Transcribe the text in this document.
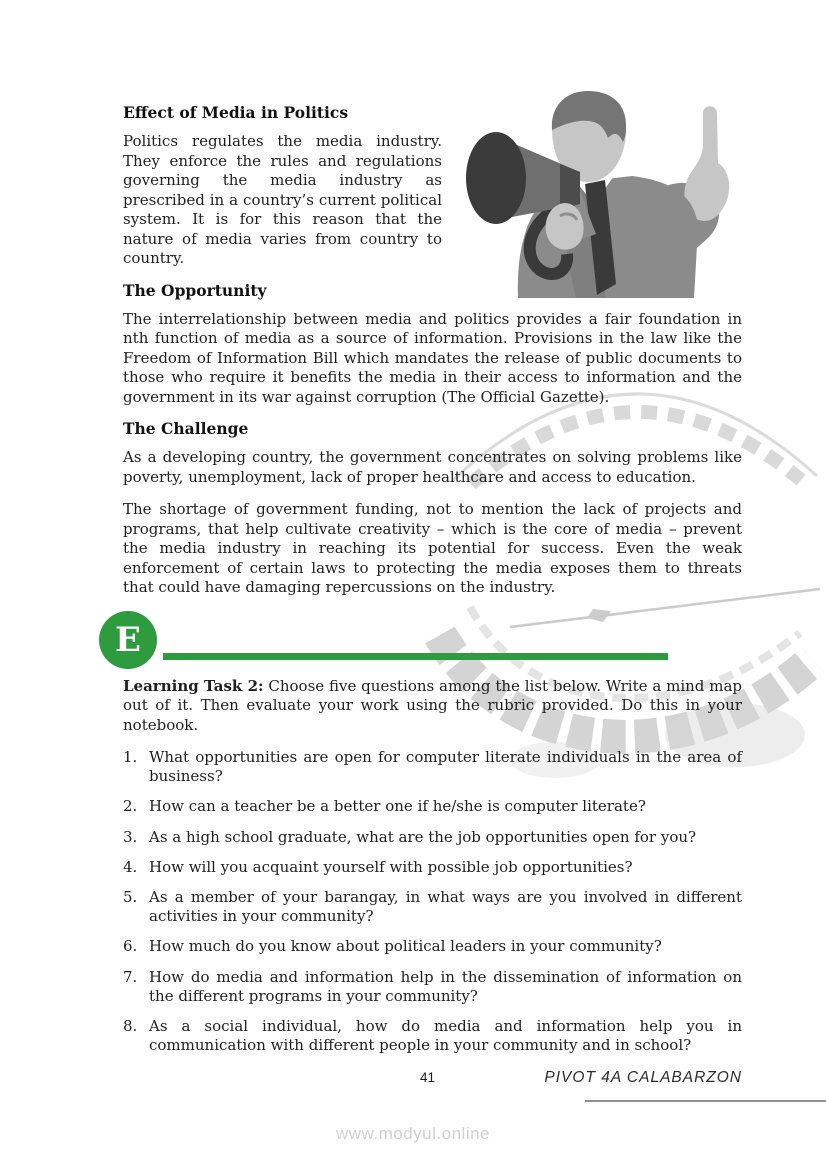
Effect of Media in Politics

Politics regulates the media industry. They enforce the rules and regulations governing the media industry as prescribed in a country’s current political system. It is for this reason that the nature of media varies from country to country.

The Opportunity

The interrelationship between media and politics provides a fair foundation in nth function of media as a source of information. Provisions in the law like the Freedom of Information Bill which mandates the release of public documents to those who require it benefits the media in their access to information and the government in its war against corruption (The Official Gazette).

The Challenge

As a developing country, the government concentrates on solving problems like poverty, unemployment, lack of proper healthcare and access to education.

The shortage of government funding, not to mention the lack of projects and programs, that help cultivate creativity – which is the core of media – prevent the media industry in reaching its potential for success. Even the weak enforcement of certain laws to protecting the media exposes them to threats that could have damaging repercussions on the industry.

E

Learning Task 2: Choose five questions among the list below. Write a mind map out of it. Then evaluate your work using the rubric provided. Do this in your notebook.

1. What opportunities are open for computer literate individuals in the area of business?
2. How can a teacher be a better one if he/she is computer literate?
3. As a high school graduate, what are the job opportunities open for you?
4. How will you acquaint yourself with possible job opportunities?
5. As a member of your barangay, in what ways are you involved in different activities in your community?
6. How much do you know about political leaders in your community?
7. How do media and information help in the dissemination of information on the different programs in your community?
8. As a social individual, how do media and information help you in communication with different people in your community and in school?
41	PIVOT 4A CALABARZON
www.modyul.online
